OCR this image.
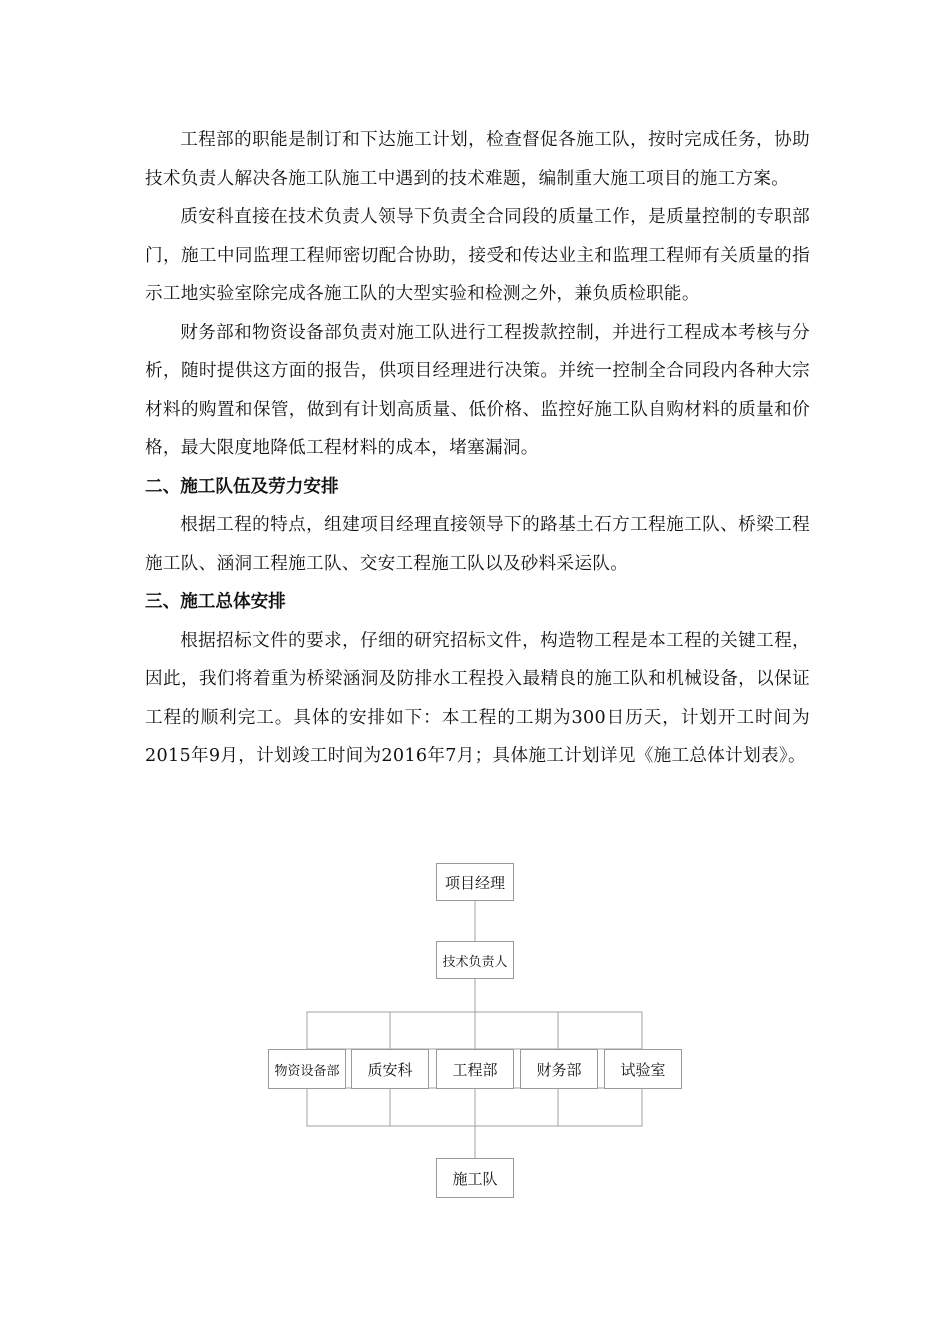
工程部的职能是制订和下达施工计划，检查督促各施工队，按时完成任务，协助技术负责人解决各施工队施工中遇到的技术难题，编制重大施工项目的施工方案。

质安科直接在技术负责人领导下负责全合同段的质量工作，是质量控制的专职部门，施工中同监理工程师密切配合协助，接受和传达业主和监理工程师有关质量的指示工地实验室除完成各施工队的大型实验和检测之外，兼负质检职能。

财务部和物资设备部负责对施工队进行工程拨款控制，并进行工程成本考核与分析，随时提供这方面的报告，供项目经理进行决策。并统一控制全合同段内各种大宗材料的购置和保管，做到有计划高质量、低价格、监控好施工队自购材料的质量和价格，最大限度地降低工程材料的成本，堵塞漏洞。

二、施工队伍及劳力安排

根据工程的特点，组建项目经理直接领导下的路基土石方工程施工队、桥梁工程施工队、涵洞工程施工队、交安工程施工队以及砂料采运队。

三、施工总体安排

根据招标文件的要求，仔细的研究招标文件，构造物工程是本工程的关键工程，因此，我们将着重为桥梁涵洞及防排水工程投入最精良的施工队和机械设备，以保证工程的顺利完工。具体的安排如下：本工程的工期为300日历天，计划开工时间为2015年9月，计划竣工时间为2016年7月；具体施工计划详见《施工总体计划表》。

项目经理
技术负责人
物资设备部	质安科	工程部	财务部	试验室
施工队
